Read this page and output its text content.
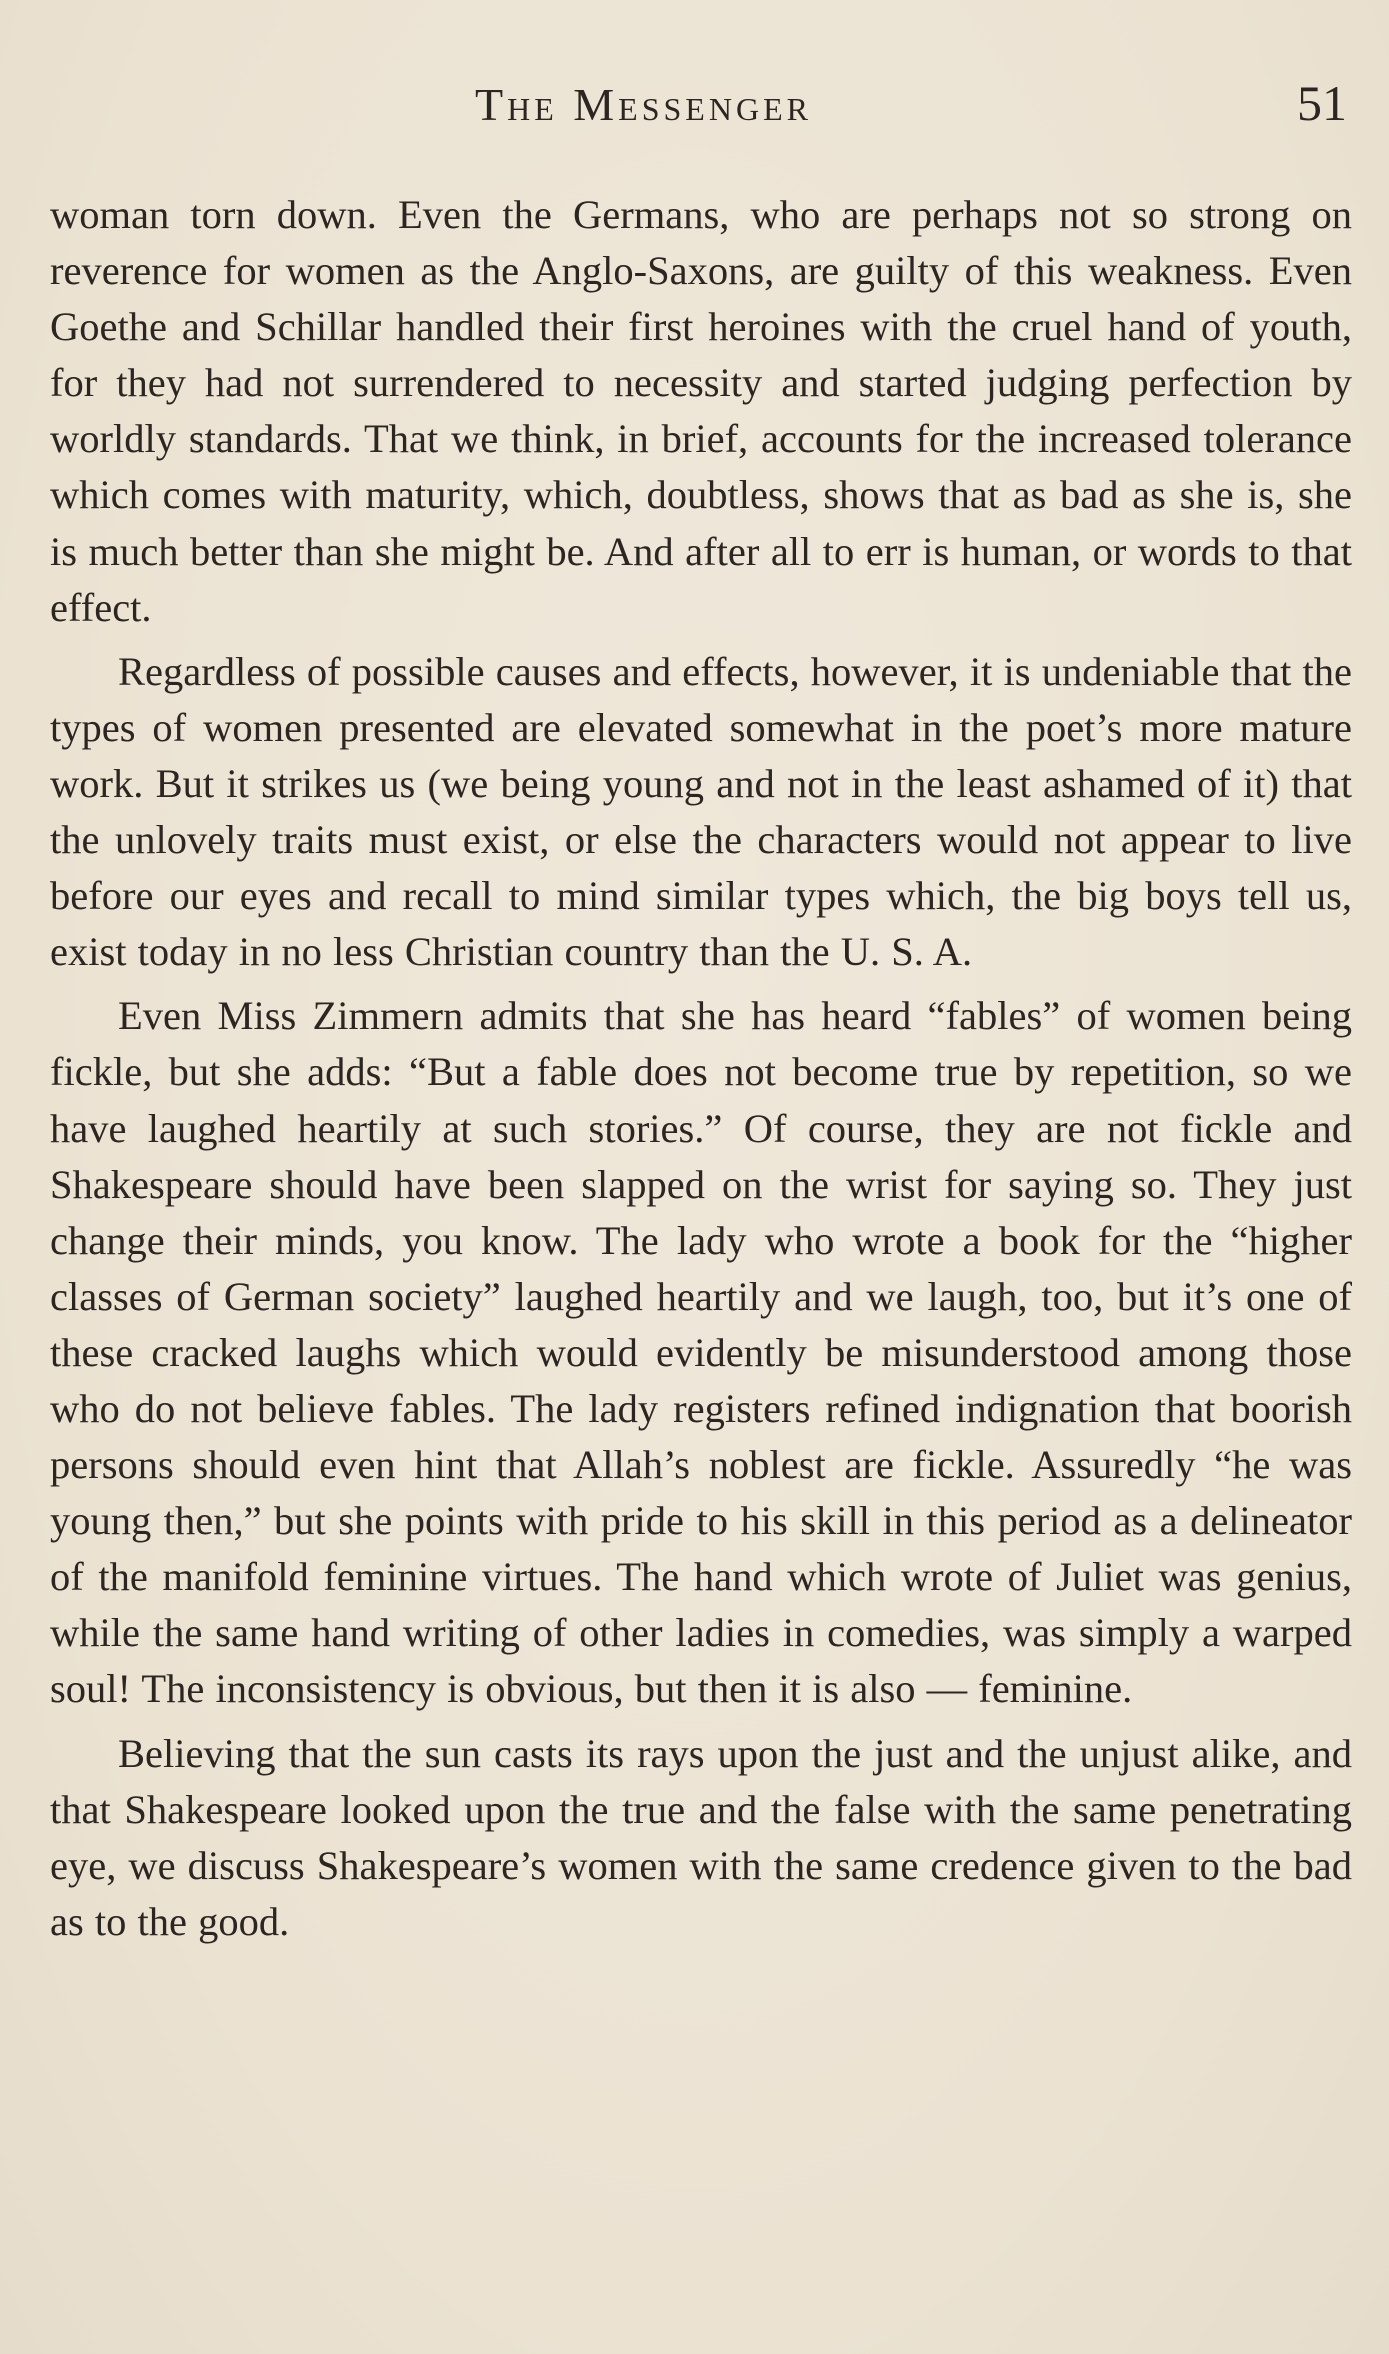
The Messenger	51

woman torn down. Even the Germans, who are perhaps not so strong on reverence for women as the Anglo-Saxons, are guilty of this weakness. Even Goethe and Schillar handled their first heroines with the cruel hand of youth, for they had not surrendered to necessity and started judging perfection by worldly standards. That we think, in brief, accounts for the increased tolerance which comes with maturity, which, doubtless, shows that as bad as she is, she is much better than she might be. And after all to err is human, or words to that effect.

Regardless of possible causes and effects, however, it is undeniable that the types of women presented are elevated somewhat in the poet’s more mature work. But it strikes us (we being young and not in the least ashamed of it) that the unlovely traits must exist, or else the characters would not appear to live before our eyes and recall to mind similar types which, the big boys tell us, exist today in no less Christian country than the U. S. A.

Even Miss Zimmern admits that she has heard “fables” of women being fickle, but she adds: “But a fable does not become true by repetition, so we have laughed heartily at such stories.” Of course, they are not fickle and Shakespeare should have been slapped on the wrist for saying so. They just change their minds, you know. The lady who wrote a book for the “higher classes of German society” laughed heartily and we laugh, too, but it’s one of these cracked laughs which would evidently be misunderstood among those who do not believe fables. The lady registers refined indignation that boorish persons should even hint that Allah’s noblest are fickle. Assuredly “he was young then,” but she points with pride to his skill in this period as a delineator of the manifold feminine virtues. The hand which wrote of Juliet was genius, while the same hand writing of other ladies in comedies, was simply a warped soul! The inconsistency is obvious, but then it is also — feminine.

Believing that the sun casts its rays upon the just and the unjust alike, and that Shakespeare looked upon the true and the false with the same penetrating eye, we discuss Shakespeare’s women with the same credence given to the bad as to the good.
